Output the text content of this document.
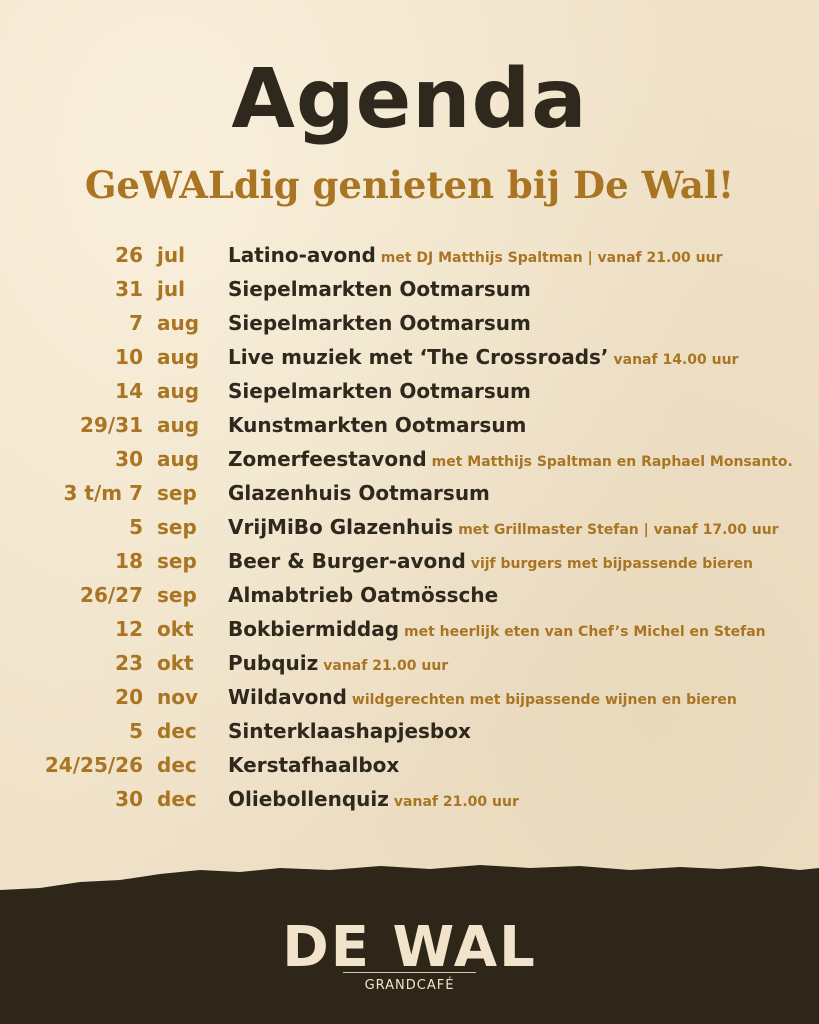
Agenda
GeWALdig genieten bij De Wal!
26 jul Latino-avond met DJ Matthijs Spaltman | vanaf 21.00 uur
31 jul Siepelmarkten Ootmarsum
7 aug Siepelmarkten Ootmarsum
10 aug Live muziek met ‘The Crossroads’ vanaf 14.00 uur
14 aug Siepelmarkten Ootmarsum
29/31 aug Kunstmarkten Ootmarsum
30 aug Zomerfeestavond met Matthijs Spaltman en Raphael Monsanto.
3 t/m 7 sep Glazenhuis Ootmarsum
5 sep VrijMiBo Glazenhuis met Grillmaster Stefan | vanaf 17.00 uur
18 sep Beer & Burger-avond vijf burgers met bijpassende bieren
26/27 sep Almabtrieb Oatmössche
12 okt Bokbiermiddag met heerlijk eten van Chef’s Michel en Stefan
23 okt Pubquiz vanaf 21.00 uur
20 nov Wildavond wildgerechten met bijpassende wijnen en bieren
5 dec Sinterklaashapjesbox
24/25/26 dec Kerstafhaalbox
30 dec Oliebollenquiz vanaf 21.00 uur
DE WAL
GRANDCAFÉ
